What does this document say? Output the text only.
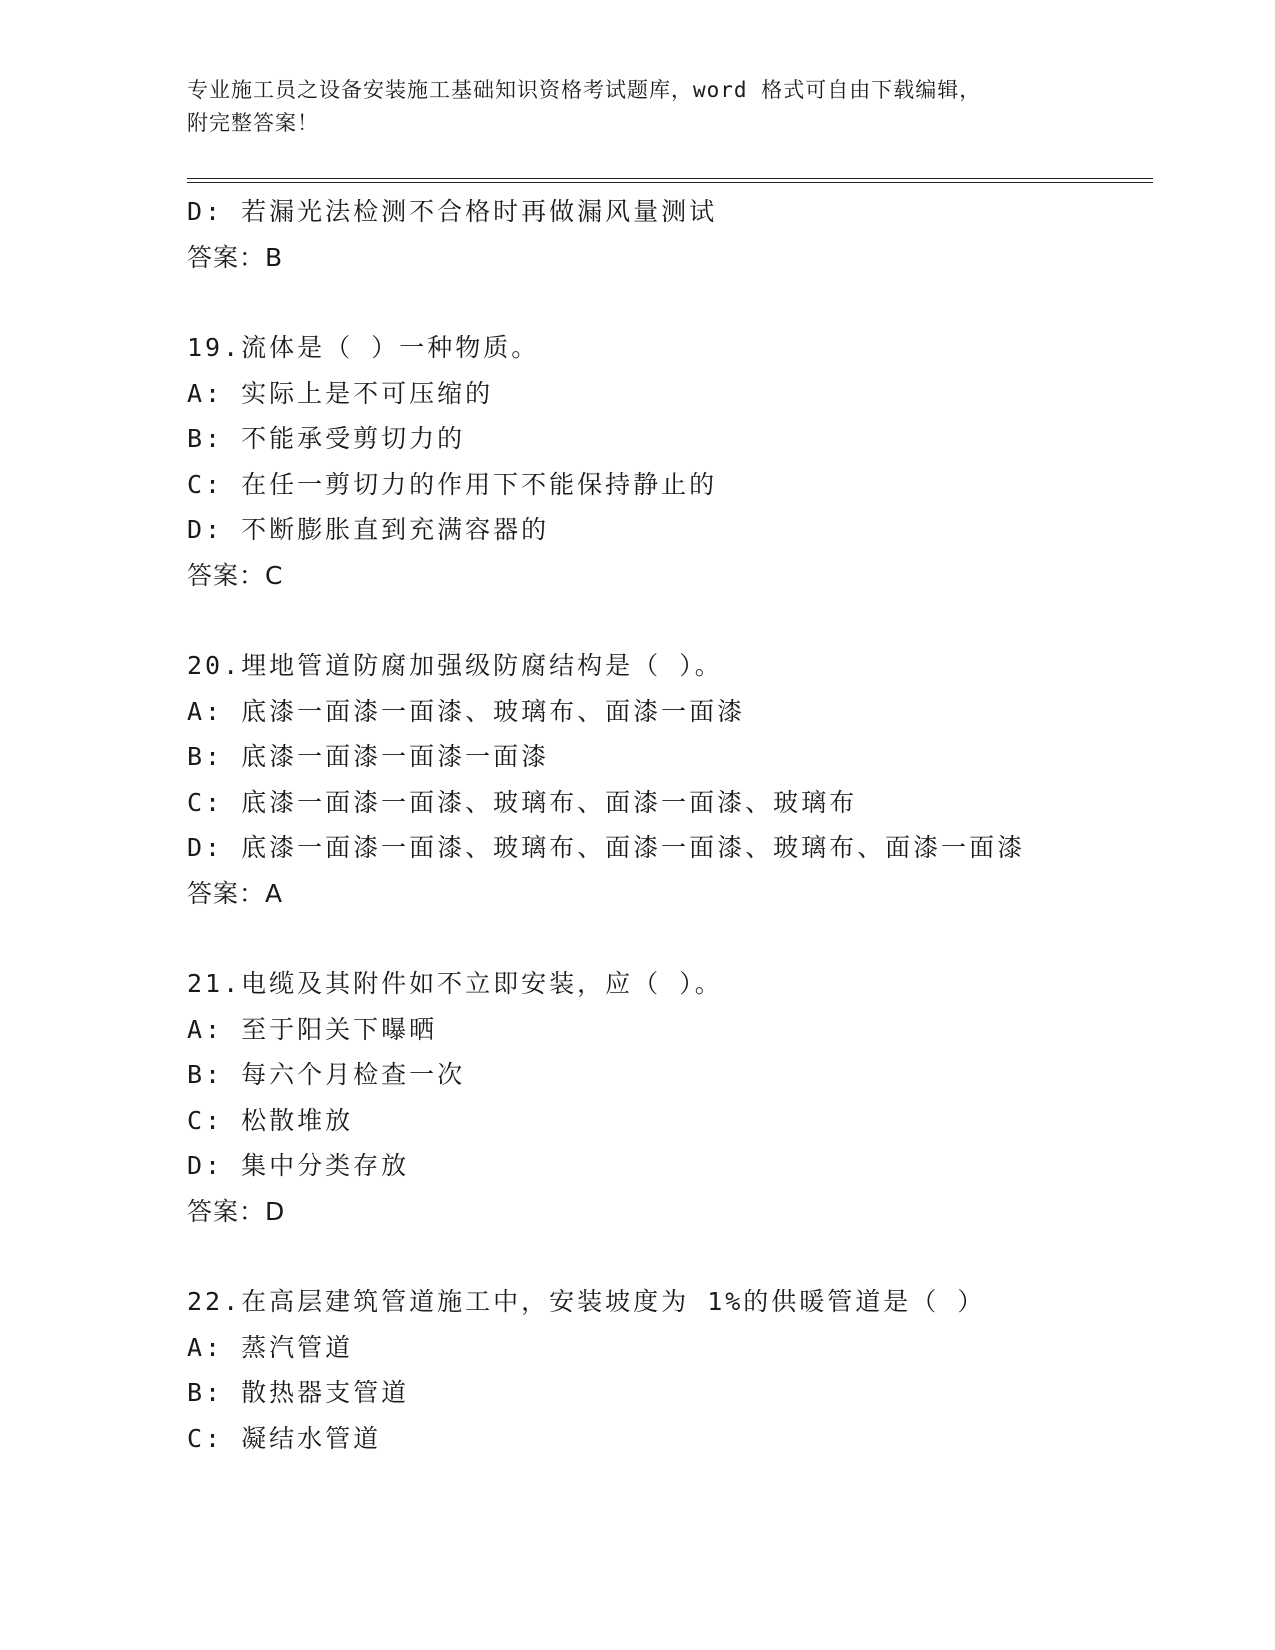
专业施工员之设备安装施工基础知识资格考试题库，word 格式可自由下载编辑，
附完整答案！
D: 若漏光法检测不合格时再做漏风量测试
答案：B
19.流体是（ ）一种物质。
A: 实际上是不可压缩的
B: 不能承受剪切力的
C: 在任一剪切力的作用下不能保持静止的
D: 不断膨胀直到充满容器的
答案：C
20.埋地管道防腐加强级防腐结构是（ ）。
A: 底漆一面漆一面漆、玻璃布、面漆一面漆
B: 底漆一面漆一面漆一面漆
C: 底漆一面漆一面漆、玻璃布、面漆一面漆、玻璃布
D: 底漆一面漆一面漆、玻璃布、面漆一面漆、玻璃布、面漆一面漆
答案：A
21.电缆及其附件如不立即安装，应（ ）。
A: 至于阳关下曝晒
B: 每六个月检查一次
C: 松散堆放
D: 集中分类存放
答案：D
22.在高层建筑管道施工中，安装坡度为 1%的供暖管道是（ ）
A: 蒸汽管道
B: 散热器支管道
C: 凝结水管道
